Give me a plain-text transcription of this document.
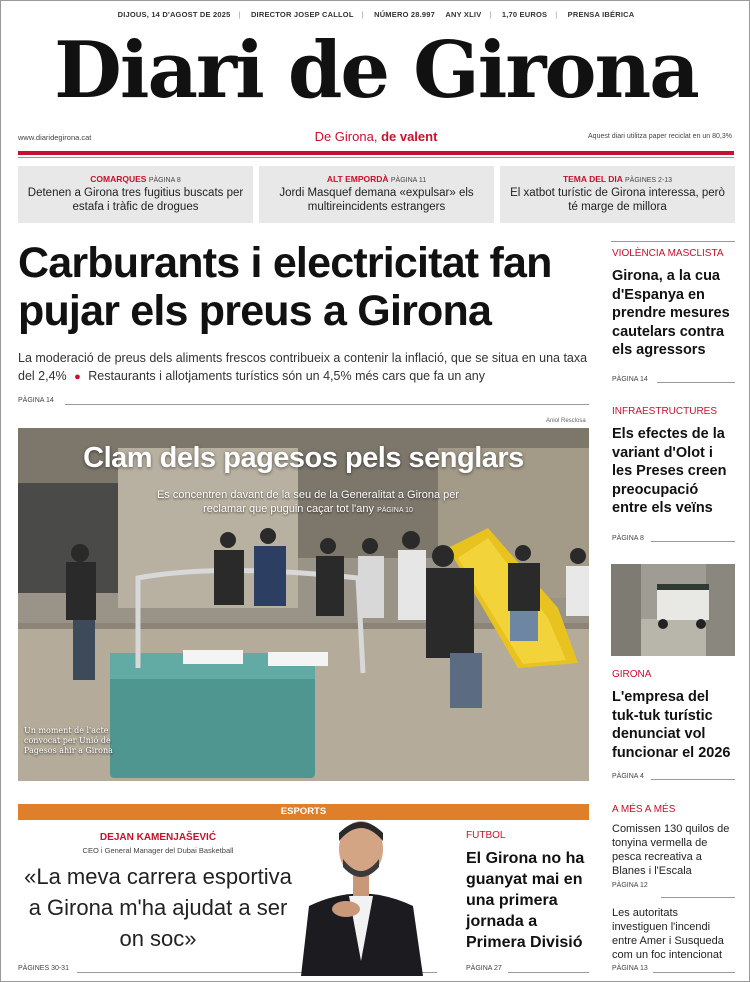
DIJOUS, 14 D'AGOST DE 2025 | DIRECTOR JOSEP CALLOL | NÚMERO 28.997 ANY XLIV | 1,70 EUROS | PRENSA IBÉRICA
Diari de Girona
www.diaridegirona.cat	De Girona, de valent	Aquest diari utilitza paper reciclat en un 80,3%
COMARQUES PÀGINA 8
Detenen a Girona tres fugitius buscats per estafa i tràfic de drogues
ALT EMPORDÀ PÀGINA 11
Jordi Masquef demana «expulsar» els multireincidents estrangers
TEMA DEL DIA PÀGINES 2-13
El xatbot turístic de Girona interessa, però té marge de millora
Carburants i electricitat fan pujar els preus a Girona
La moderació de preus dels aliments frescos contribueix a contenir la inflació, que se situa en una taxa del 2,4% ● Restaurants i allotjaments turístics són un 4,5% més cars que fa un any
PÀGINA 14
Aniol Resclosa
Clam dels pagesos pels senglars
Es concentren davant de la seu de la Generalitat a Girona per reclamar que puguin caçar tot l'any PÀGINA 10
Un moment de l'acte convocat per Unió de Pagesos ahir a Girona
ESPORTS
DEJAN KAMENJAŠEVIĆ
CEO i General Manager del Dubai Basketball
«La meva carrera esportiva a Girona m'ha ajudat a ser on soc»
PÀGINES 30-31
FUTBOL
El Girona no ha guanyat mai en una primera jornada a Primera Divisió
PÀGINA 27
VIOLÈNCIA MASCLISTA
Girona, a la cua d'Espanya en prendre mesures cautelars contra els agressors
PÀGINA 14
INFRAESTRUCTURES
Els efectes de la variant d'Olot i les Preses creen preocupació entre els veïns
PÀGINA 8
GIRONA
L'empresa del tuk-tuk turístic denunciat vol funcionar el 2026
PÀGINA 4
A MÉS A MÉS
Comissen 130 quilos de tonyina vermella de pesca recreativa a Blanes i l'Escala
PÀGINA 12
Les autoritats investiguen l'incendi entre Amer i Susqueda com un foc intencionat
PÀGINA 13
